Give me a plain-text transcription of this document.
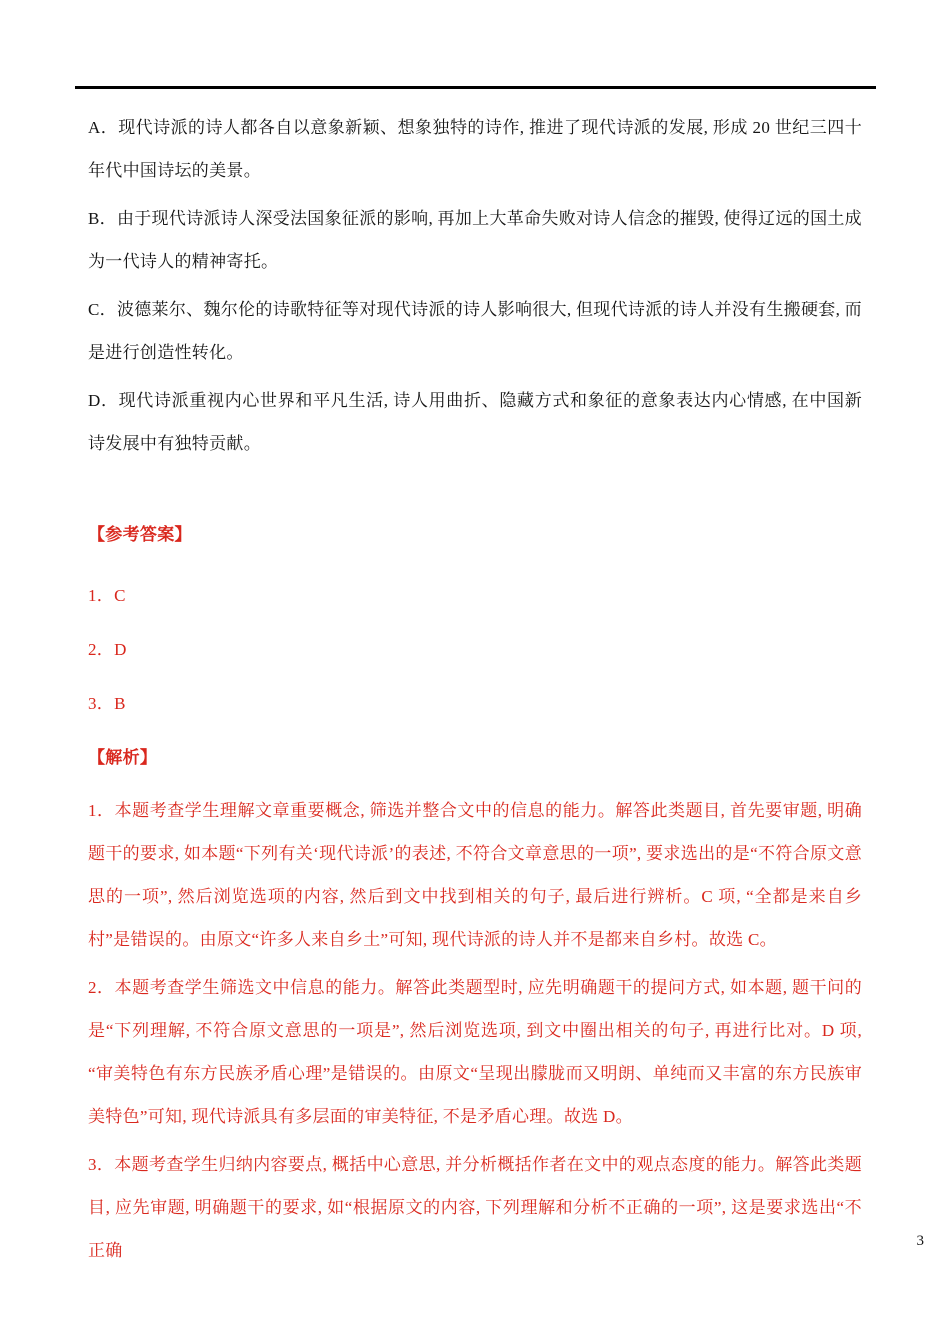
A．现代诗派的诗人都各自以意象新颖、想象独特的诗作, 推进了现代诗派的发展, 形成 20 世纪三四十年代中国诗坛的美景。

B．由于现代诗派诗人深受法国象征派的影响, 再加上大革命失败对诗人信念的摧毁, 使得辽远的国土成为一代诗人的精神寄托。

C．波德莱尔、魏尔伦的诗歌特征等对现代诗派的诗人影响很大, 但现代诗派的诗人并没有生搬硬套, 而是进行创造性转化。

D．现代诗派重视内心世界和平凡生活, 诗人用曲折、隐藏方式和象征的意象表达内心情感, 在中国新诗发展中有独特贡献。

【参考答案】

1．C

2．D

3．B

【解析】

1．本题考查学生理解文章重要概念, 筛选并整合文中的信息的能力。解答此类题目, 首先要审题, 明确题干的要求, 如本题“下列有关‘现代诗派’的表述, 不符合文章意思的一项”, 要求选出的是“不符合原文意思的一项”, 然后浏览选项的内容, 然后到文中找到相关的句子, 最后进行辨析。C 项, “全都是来自乡村”是错误的。由原文“许多人来自乡土”可知, 现代诗派的诗人并不是都来自乡村。故选 C。

2．本题考查学生筛选文中信息的能力。解答此类题型时, 应先明确题干的提问方式, 如本题, 题干问的是“下列理解, 不符合原文意思的一项是”, 然后浏览选项, 到文中圈出相关的句子, 再进行比对。D 项, “审美特色有东方民族矛盾心理”是错误的。由原文“呈现出朦胧而又明朗、单纯而又丰富的东方民族审美特色”可知, 现代诗派具有多层面的审美特征, 不是矛盾心理。故选 D。

3．本题考查学生归纳内容要点, 概括中心意思, 并分析概括作者在文中的观点态度的能力。解答此类题目, 应先审题, 明确题干的要求, 如“根据原文的内容, 下列理解和分析不正确的一项”, 这是要求选出“不正确	3
